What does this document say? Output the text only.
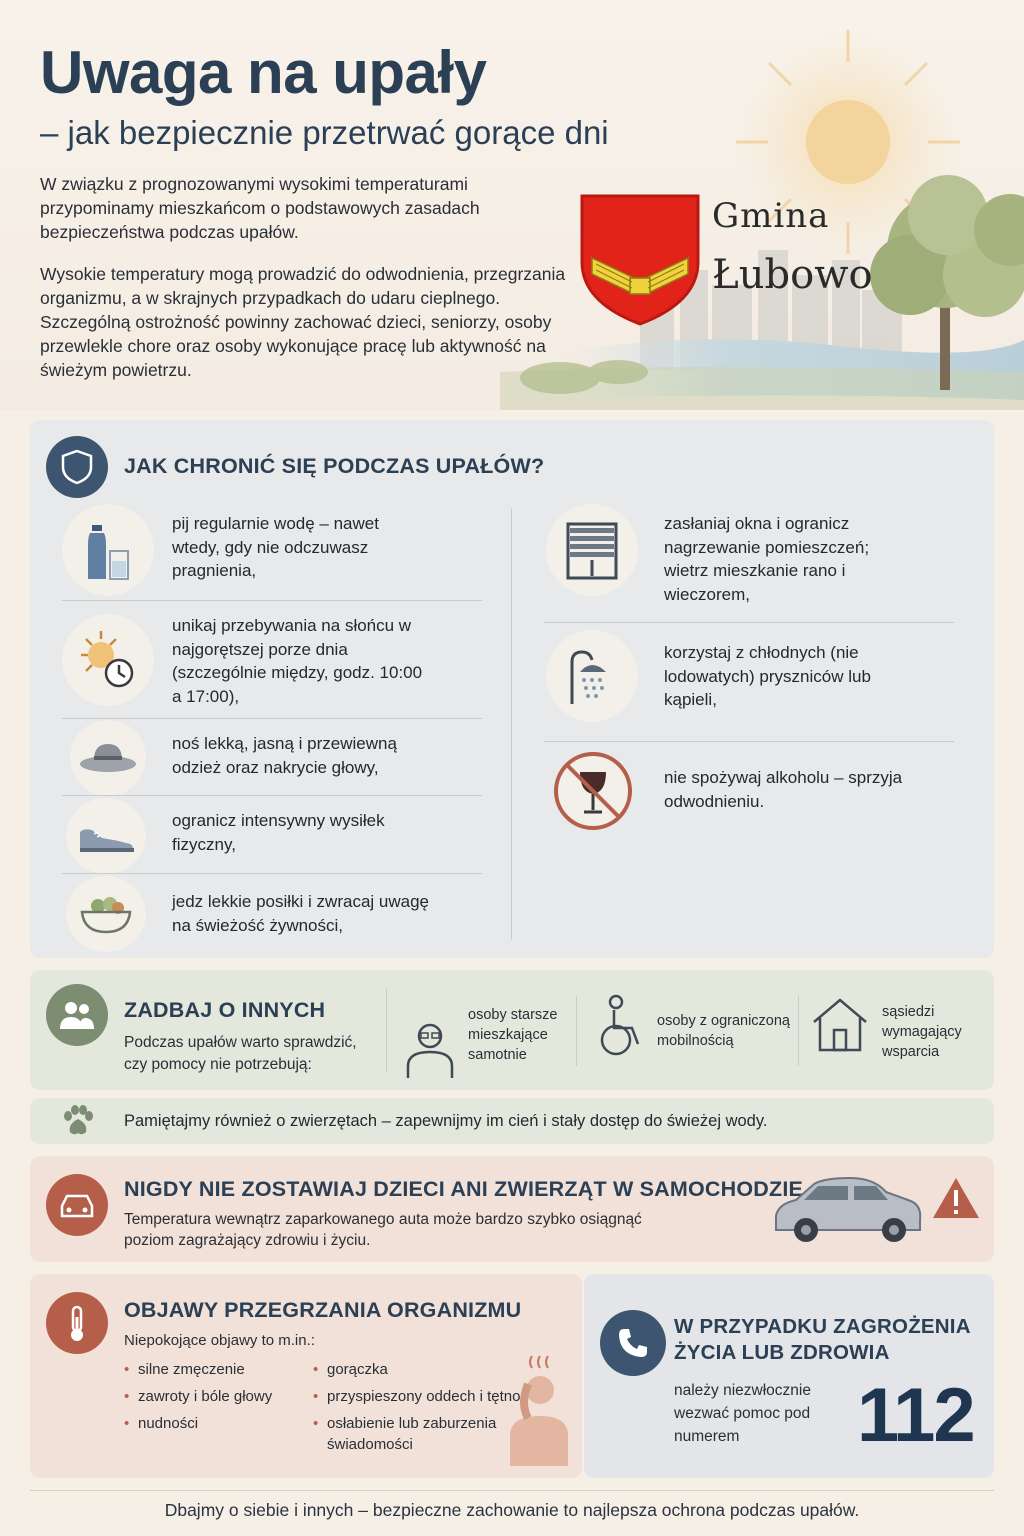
Uwaga na upały

– jak bezpiecznie przetrwać gorące dni

W związku z prognozowanymi wysokimi temperaturami przypominamy mieszkańcom o podstawowych zasadach bezpieczeństwa podczas upałów.

Wysokie temperatury mogą prowadzić do odwodnienia, przegrzania organizmu, a w skrajnych przypadkach do udaru cieplnego. Szczególną ostrożność powinny zachować dzieci, seniorzy, osoby przewlekle chore oraz osoby wykonujące pracę lub aktywność na świeżym powietrzu.

Gmina
Łubowo
JAK CHRONIĆ SIĘ PODCZAS UPAŁÓW?

pij regularnie wodę – nawet wtedy, gdy nie odczuwasz pragnienia,

unikaj przebywania na słońcu w najgorętszej porze dnia (szczególnie między, godz. 10:00 a 17:00),

noś lekką, jasną i przewiewną odzież oraz nakrycie głowy,

ogranicz intensywny wysiłek fizyczny,

jedz lekkie posiłki i zwracaj uwagę na świeżość żywności,

zasłaniaj okna i ogranicz nagrzewanie pomieszczeń; wietrz mieszkanie rano i wieczorem,

korzystaj z chłodnych (nie lodowatych) pryszniców lub kąpieli,

nie spożywaj alkoholu – sprzyja odwodnieniu.

ZADBAJ O INNYCH

Podczas upałów warto sprawdzić, czy pomocy nie potrzebują:

osoby starsze mieszkające samotnie

osoby z ograniczoną mobilnością

sąsiedzi wymagający wsparcia

Pamiętajmy również o zwierzętach – zapewnijmy im cień i stały dostęp do świeżej wody.

NIGDY NIE ZOSTAWIAJ DZIECI ANI ZWIERZĄT W SAMOCHODZIE

Temperatura wewnątrz zaparkowanego auta może bardzo szybko osiągnąć poziom zagrażający zdrowiu i życiu.

OBJAWY PRZEGRZANIA ORGANIZMU

Niepokojące objawy to m.in.:

• silne zmęczenie
• zawroty i bóle głowy
• nudności
• gorączka
• przyspieszony oddech i tętno
• osłabienie lub zaburzenia świadomości
W PRZYPADKU ZAGROŻENIA
ŻYCIA LUB ZDROWIA

należy niezwłocznie wezwać pomoc pod numerem	112

Dbajmy o siebie i innych – bezpieczne zachowanie to najlepsza ochrona podczas upałów.
